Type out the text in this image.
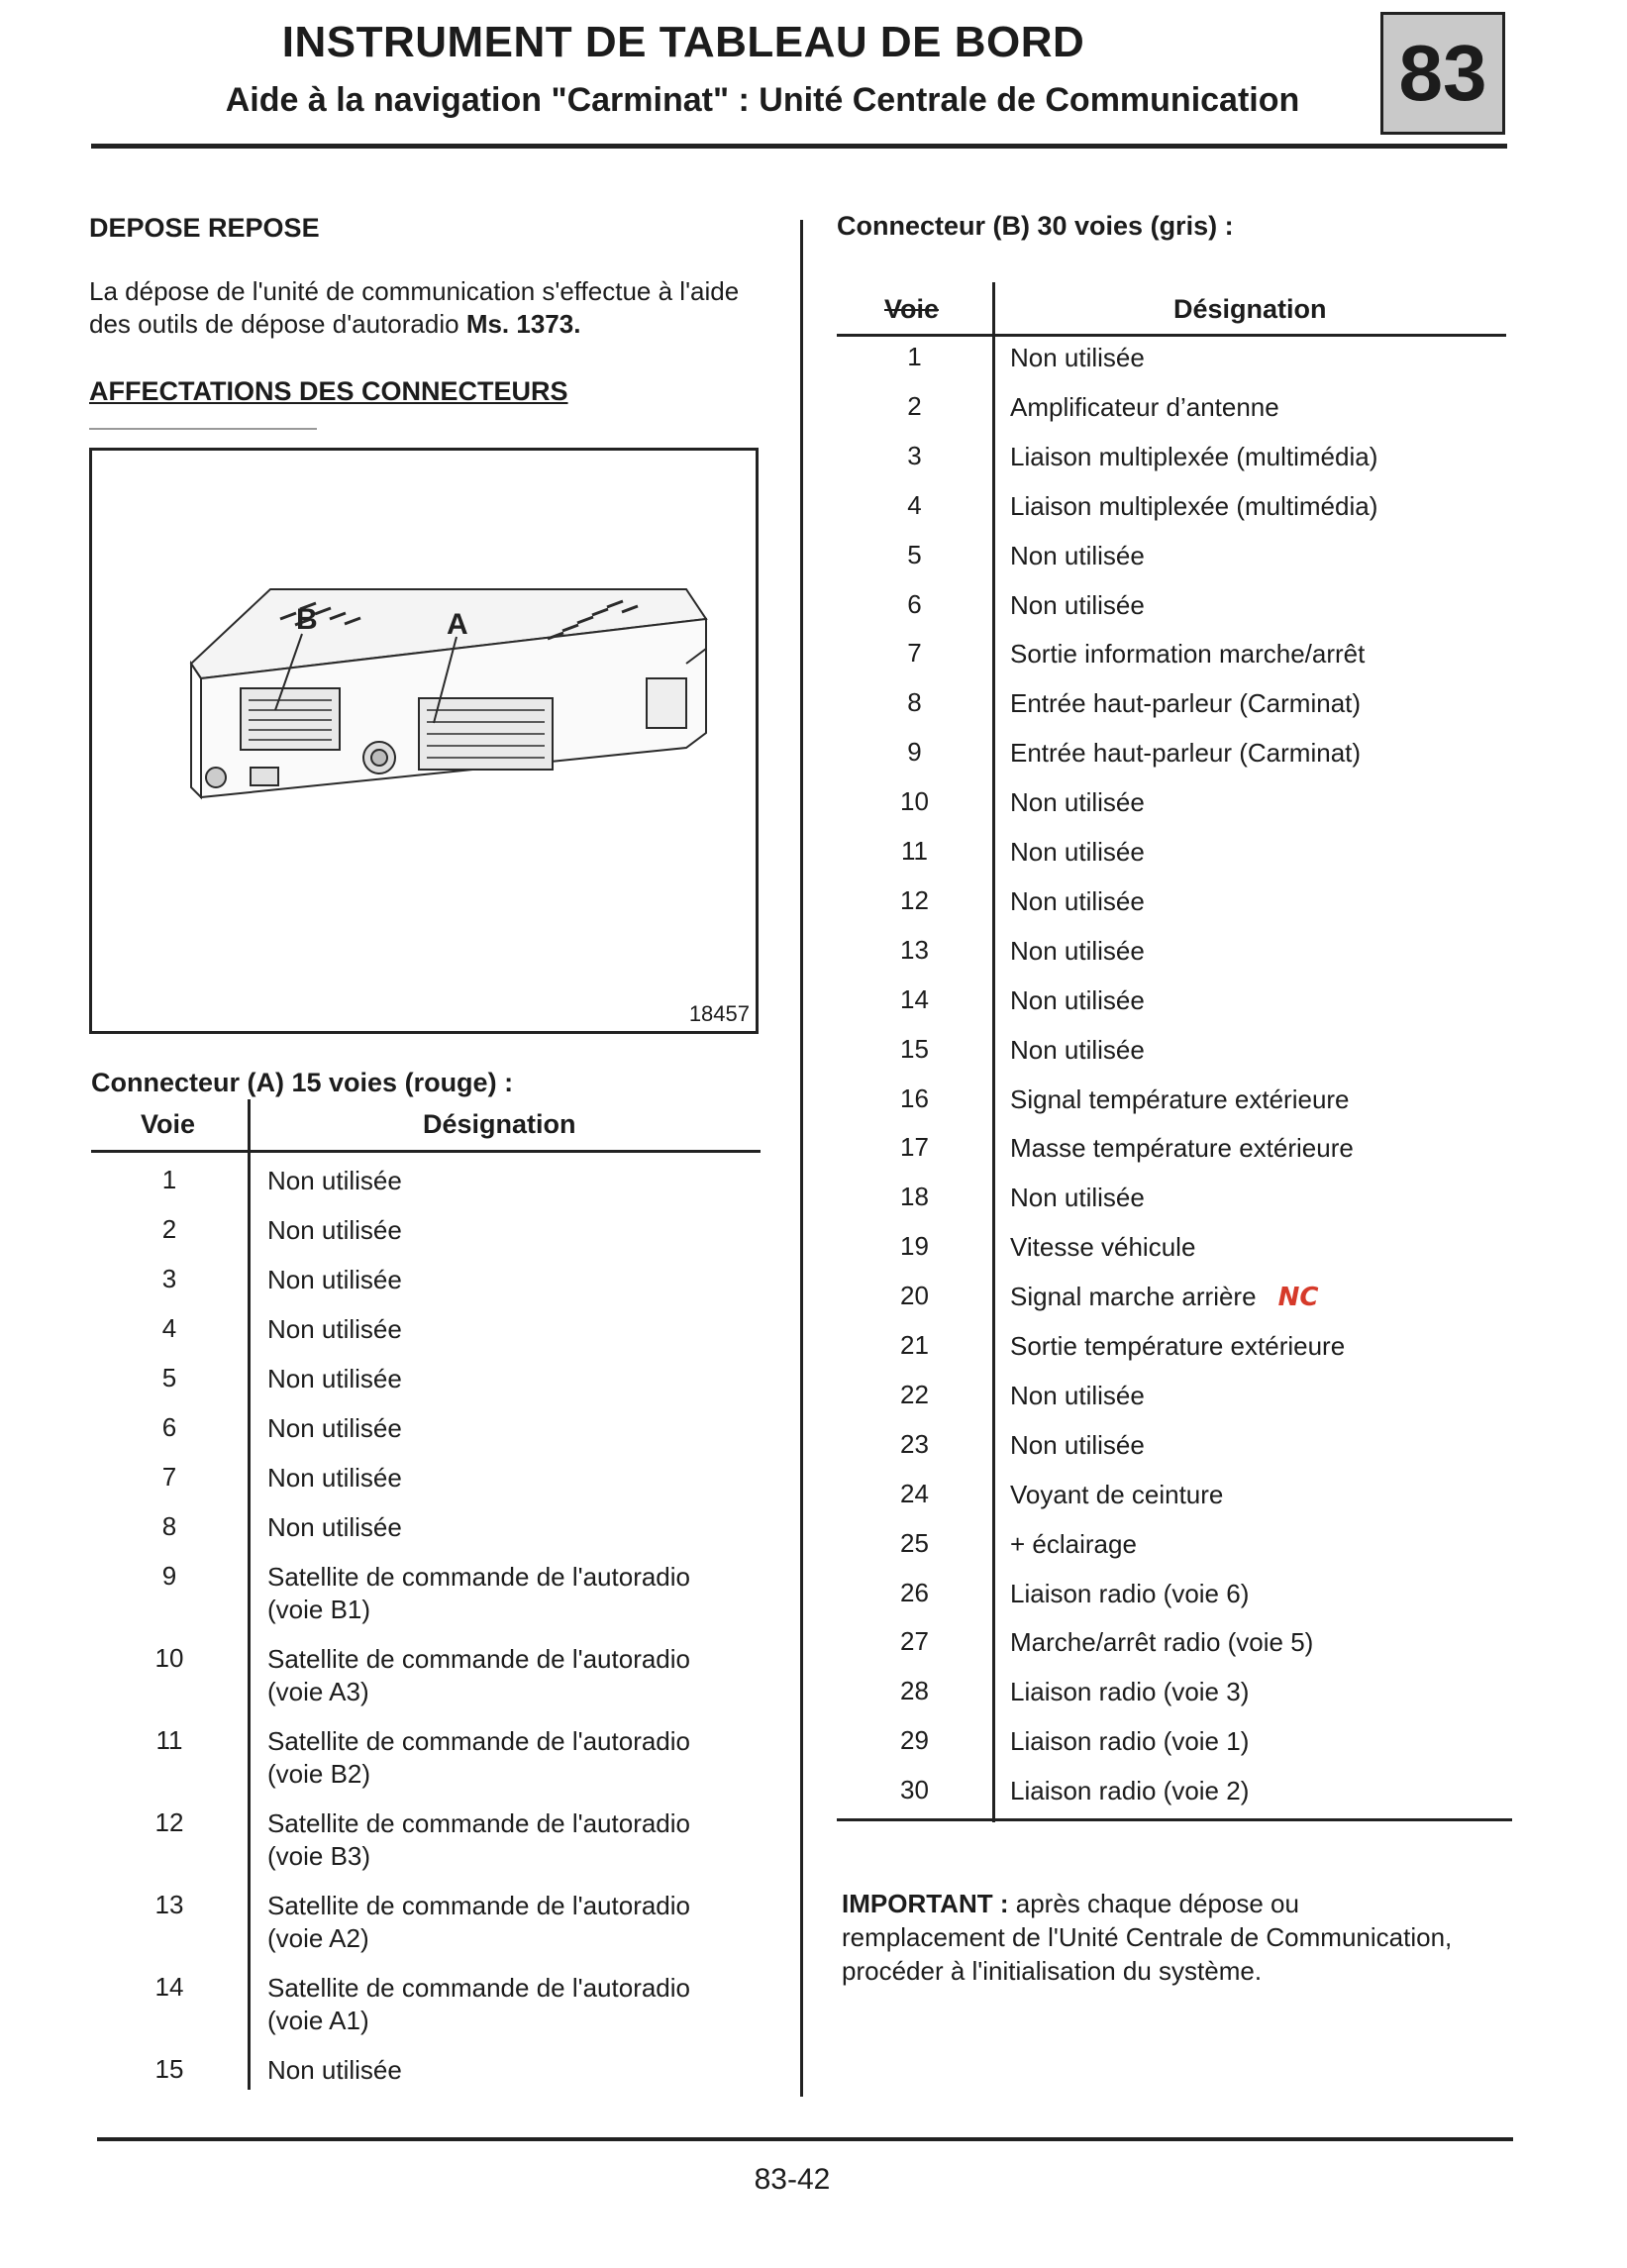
INSTRUMENT DE TABLEAU DE BORD
Aide à la navigation "Carminat" : Unité Centrale de Communication	83
DEPOSE REPOSE
La dépose de l'unité de communication s'effectue à l'aide des outils de dépose d'autoradio Ms. 1373.
AFFECTATIONS DES CONNECTEURS
B	A
18457
Connecteur (A) 15 voies (rouge) :
Voie	Désignation
1	Non utilisée
2	Non utilisée
3	Non utilisée
4	Non utilisée
5	Non utilisée
6	Non utilisée
7	Non utilisée
8	Non utilisée
9	Satellite de commande de l'autoradio
(voie B1)
10	Satellite de commande de l'autoradio
(voie A3)
11	Satellite de commande de l'autoradio
(voie B2)
12	Satellite de commande de l'autoradio
(voie B3)
13	Satellite de commande de l'autoradio
(voie A2)
14	Satellite de commande de l'autoradio
(voie A1)
15	Non utilisée
Connecteur (B) 30 voies (gris) :
Voie	Désignation
1	Non utilisée
2	Amplificateur d’antenne
3	Liaison multiplexée (multimédia)
4	Liaison multiplexée (multimédia)
5	Non utilisée
6	Non utilisée
7	Sortie information marche/arrêt
8	Entrée haut-parleur (Carminat)
9	Entrée haut-parleur (Carminat)
10	Non utilisée
11	Non utilisée
12	Non utilisée
13	Non utilisée
14	Non utilisée
15	Non utilisée
16	Signal température extérieure
17	Masse température extérieure
18	Non utilisée
19	Vitesse véhicule
20	Signal marche arrière NC
21	Sortie température extérieure
22	Non utilisée
23	Non utilisée
24	Voyant de ceinture
25	+ éclairage
26	Liaison radio (voie 6)
27	Marche/arrêt radio (voie 5)
28	Liaison radio (voie 3)
29	Liaison radio (voie 1)
30	Liaison radio (voie 2)
IMPORTANT : après chaque dépose ou
remplacement de l'Unité Centrale de Communication,
procéder à l'initialisation du système.
83-42
